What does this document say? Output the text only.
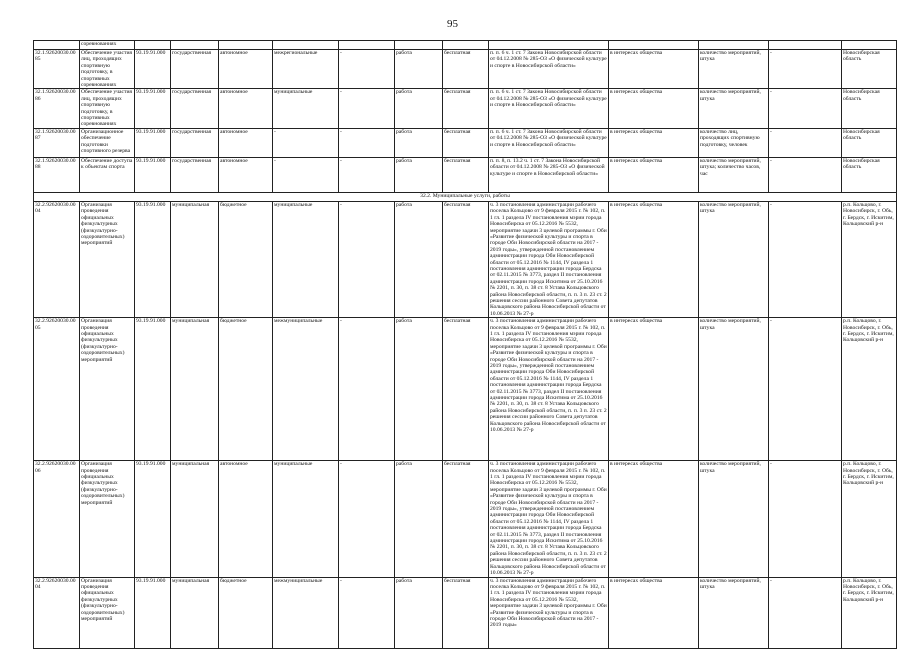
95
	соревнованиях												
32.1.92620030.0085	Обеспечение участия лиц, проходящих спортивную подготовку, в спортивных соревнованиях	93.19.91.000	государственная	автономное	межрегиональные	-	работа	бесплатная	п. п. 6 ч. 1 ст. 7 Закона Новосибирской области от 04.12.2008 № 285-ОЗ «О физической культуре и спорте в Новосибирской области»	в интересах общества	количество мероприятий, штука	-	Новосибирская область
32.1.92620030.0086	Обеспечение участия лиц, проходящих спортивную подготовку, в спортивных соревнованиях	93.19.91.000	государственная	автономное	муниципальные	-	работа	бесплатная	п. п. 6 ч. 1 ст. 7 Закона Новосибирской области от 04.12.2008 № 285-ОЗ «О физической культуре и спорте в Новосибирской области»	в интересах общества	количество мероприятий, штука	-	Новосибирская область
32.1.92620030.0087	Организационное обеспечение подготовки спортивного резерва	93.19.91.000	государственная	автономное	-	-	работа	бесплатная	п. п. 6 ч. 1 ст. 7 Закона Новосибирской области от 04.12.2008 № 285-ОЗ «О физической культуре и спорте в Новосибирской области»	в интересах общества	количество лиц, проходящих спортивную подготовку, человек	-	Новосибирская область
32.1.92620030.0088	Обеспечение доступа к объектам спорта	93.19.91.000	государственная	автономное	-	-	работа	бесплатная	п. п. 8, п. 13.2 ч. 1 ст. 7 Закона Новосибирской области от 04.12.2008 № 285-ОЗ «О физической культуре и спорте в Новосибирской области»	в интересах общества	количество мероприятий, штука; количество часов, час	-	Новосибирская область
32.2. Муниципальные услуги, работы													
32.2.92620030.0004	Организация проведения официальных физкультурных (физкультурно-оздоровительных) мероприятий	93.19.91.000	муниципальная	бюджетное	муниципальные	-	работа	бесплатная	ч. 3 постановления администрации рабочего поселка Кольцово от 9 февраля 2015 г. № 102, п. 1 гл. 1 раздела IV постановления мэрии города Новосибирска от 05.12.2016 № 5532, мероприятие задачи 3 целевой программы г. Оби «Развитие физической культуры и спорта в городе Оби Новосибирской области на 2017 - 2019 годы», утвержденной постановлением администрации города Оби Новосибирской области от 05.12.2016 № 1144, IV раздела 1 постановления администрации города Бердска от 02.11.2015 № 3773, раздел II постановления администрации города Искитима от 25.10.2016 № 2201, п. 30, п. 38 ст. 8 Устава Кольцовского района Новосибирской области, п. п. 3 п. 23 ст. 2 решения сессии районного Совета депутатов Кольцовского района Новосибирской области от 10.06.2013 № 27-р	в интересах общества	количество мероприятий, штука	-	р.п. Кольцово, г. Новосибирск, г. Обь, г. Бердск, г. Искитим, Кольцовский р-н
32.2.92620030.0005	Организация проведения официальных физкультурных (физкультурно-оздоровительных) мероприятий	93.19.91.000	муниципальная	бюджетное	межмуниципальные	-	работа	бесплатная	ч. 3 постановления администрации рабочего поселка Кольцово от 9 февраля 2015 г. № 102, п. 1 гл. 1 раздела IV постановления мэрии города Новосибирска от 05.12.2016 № 5532, мероприятие задачи 3 целевой программы г. Оби «Развитие физической культуры и спорта в городе Оби Новосибирской области на 2017 - 2019 годы», утвержденной постановлением администрации города Оби Новосибирской области от 05.12.2016 № 1144, IV раздела 1 постановления администрации города Бердска от 02.11.2015 № 3773, раздел II постановления администрации города Искитима от 25.10.2016 № 2201, п. 30, п. 38 ст. 8 Устава Кольцовского района Новосибирской области, п. п. 3 п. 23 ст. 2 решения сессии районного Совета депутатов Кольцовского района Новосибирской области от 10.06.2013 № 27-р	в интересах общества	количество мероприятий, штука	-	р.п. Кольцово, г. Новосибирск, г. Обь, г. Бердск, г. Искитим, Кольцовский р-н
32.2.92620030.0006	Организация проведения официальных физкультурных (физкультурно-оздоровительных) мероприятий	93.19.91.000	муниципальная	автономное	муниципальные	-	работа	бесплатная	ч. 3 постановления администрации рабочего поселка Кольцово от 9 февраля 2015 г. № 102, п. 1 гл. 1 раздела IV постановления мэрии города Новосибирска от 05.12.2016 № 5532, мероприятие задачи 3 целевой программы г. Оби «Развитие физической культуры и спорта в городе Оби Новосибирской области на 2017 - 2019 годы», утвержденной постановлением администрации города Оби Новосибирской области от 05.12.2016 № 1144, IV раздела 1 постановления администрации города Бердска от 02.11.2015 № 3773, раздел II постановления администрации города Искитима от 25.10.2016 № 2201, п. 30, п. 38 ст. 8 Устава Кольцовского района Новосибирской области, п. п. 3 п. 23 ст. 2 решения сессии районного Совета депутатов Кольцовского района Новосибирской области от 10.06.2013 № 27-р	в интересах общества	количество мероприятий, штука	-	р.п. Кольцово, г. Новосибирск, г. Обь, г. Бердск, г. Искитим, Кольцовский р-н
32.2.92620030.0004	Организация проведения официальных физкультурных (физкультурно-оздоровительных) мероприятий	93.19.91.000	муниципальная	бюджетное	межмуниципальные	-	работа	бесплатная	ч. 3 постановления администрации рабочего поселка Кольцово от 9 февраля 2015 г. № 102, п. 1 гл. 1 раздела IV постановления мэрии города Новосибирска от 05.12.2016 № 5532, мероприятие задачи 3 целевой программы г. Оби «Развитие физической культуры и спорта в городе Оби Новосибирской области на 2017 - 2019 годы»	в интересах общества	количество мероприятий, штука	-	р.п. Кольцово, г. Новосибирск, г. Обь, г. Бердск, г. Искитим, Кольцовский р-н
